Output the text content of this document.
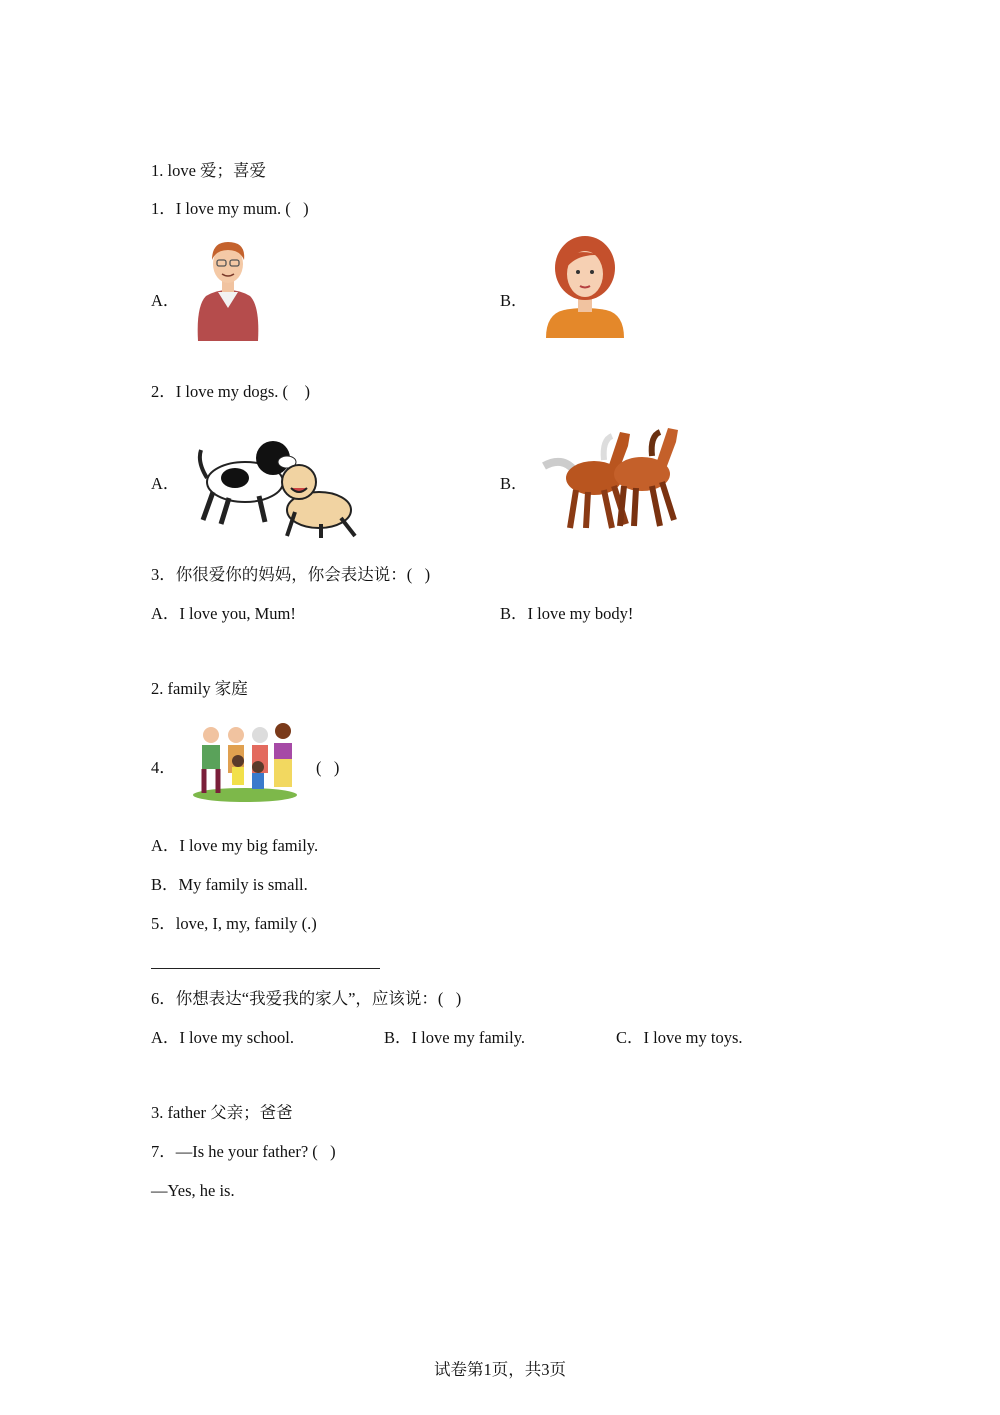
1. love 爱；喜爱
1．I love my mum. (   )
A．	B．
2．I love my dogs. (    )
A．	B．
3．你很爱你的妈妈，你会表达说：(   )
A．I love you, Mum!	B．I love my body!
2. family 家庭
4．	(   )
A．I love my big family.
B．My family is small.
5．love, I, my, family (.)
6．你想表达“我爱我的家人”，应该说：(   )
A．I love my school.	B．I love my family.	C．I love my toys.
3. father 父亲；爸爸
7．—Is he your father? (   )
—Yes, he is.
试卷第1页，共3页
